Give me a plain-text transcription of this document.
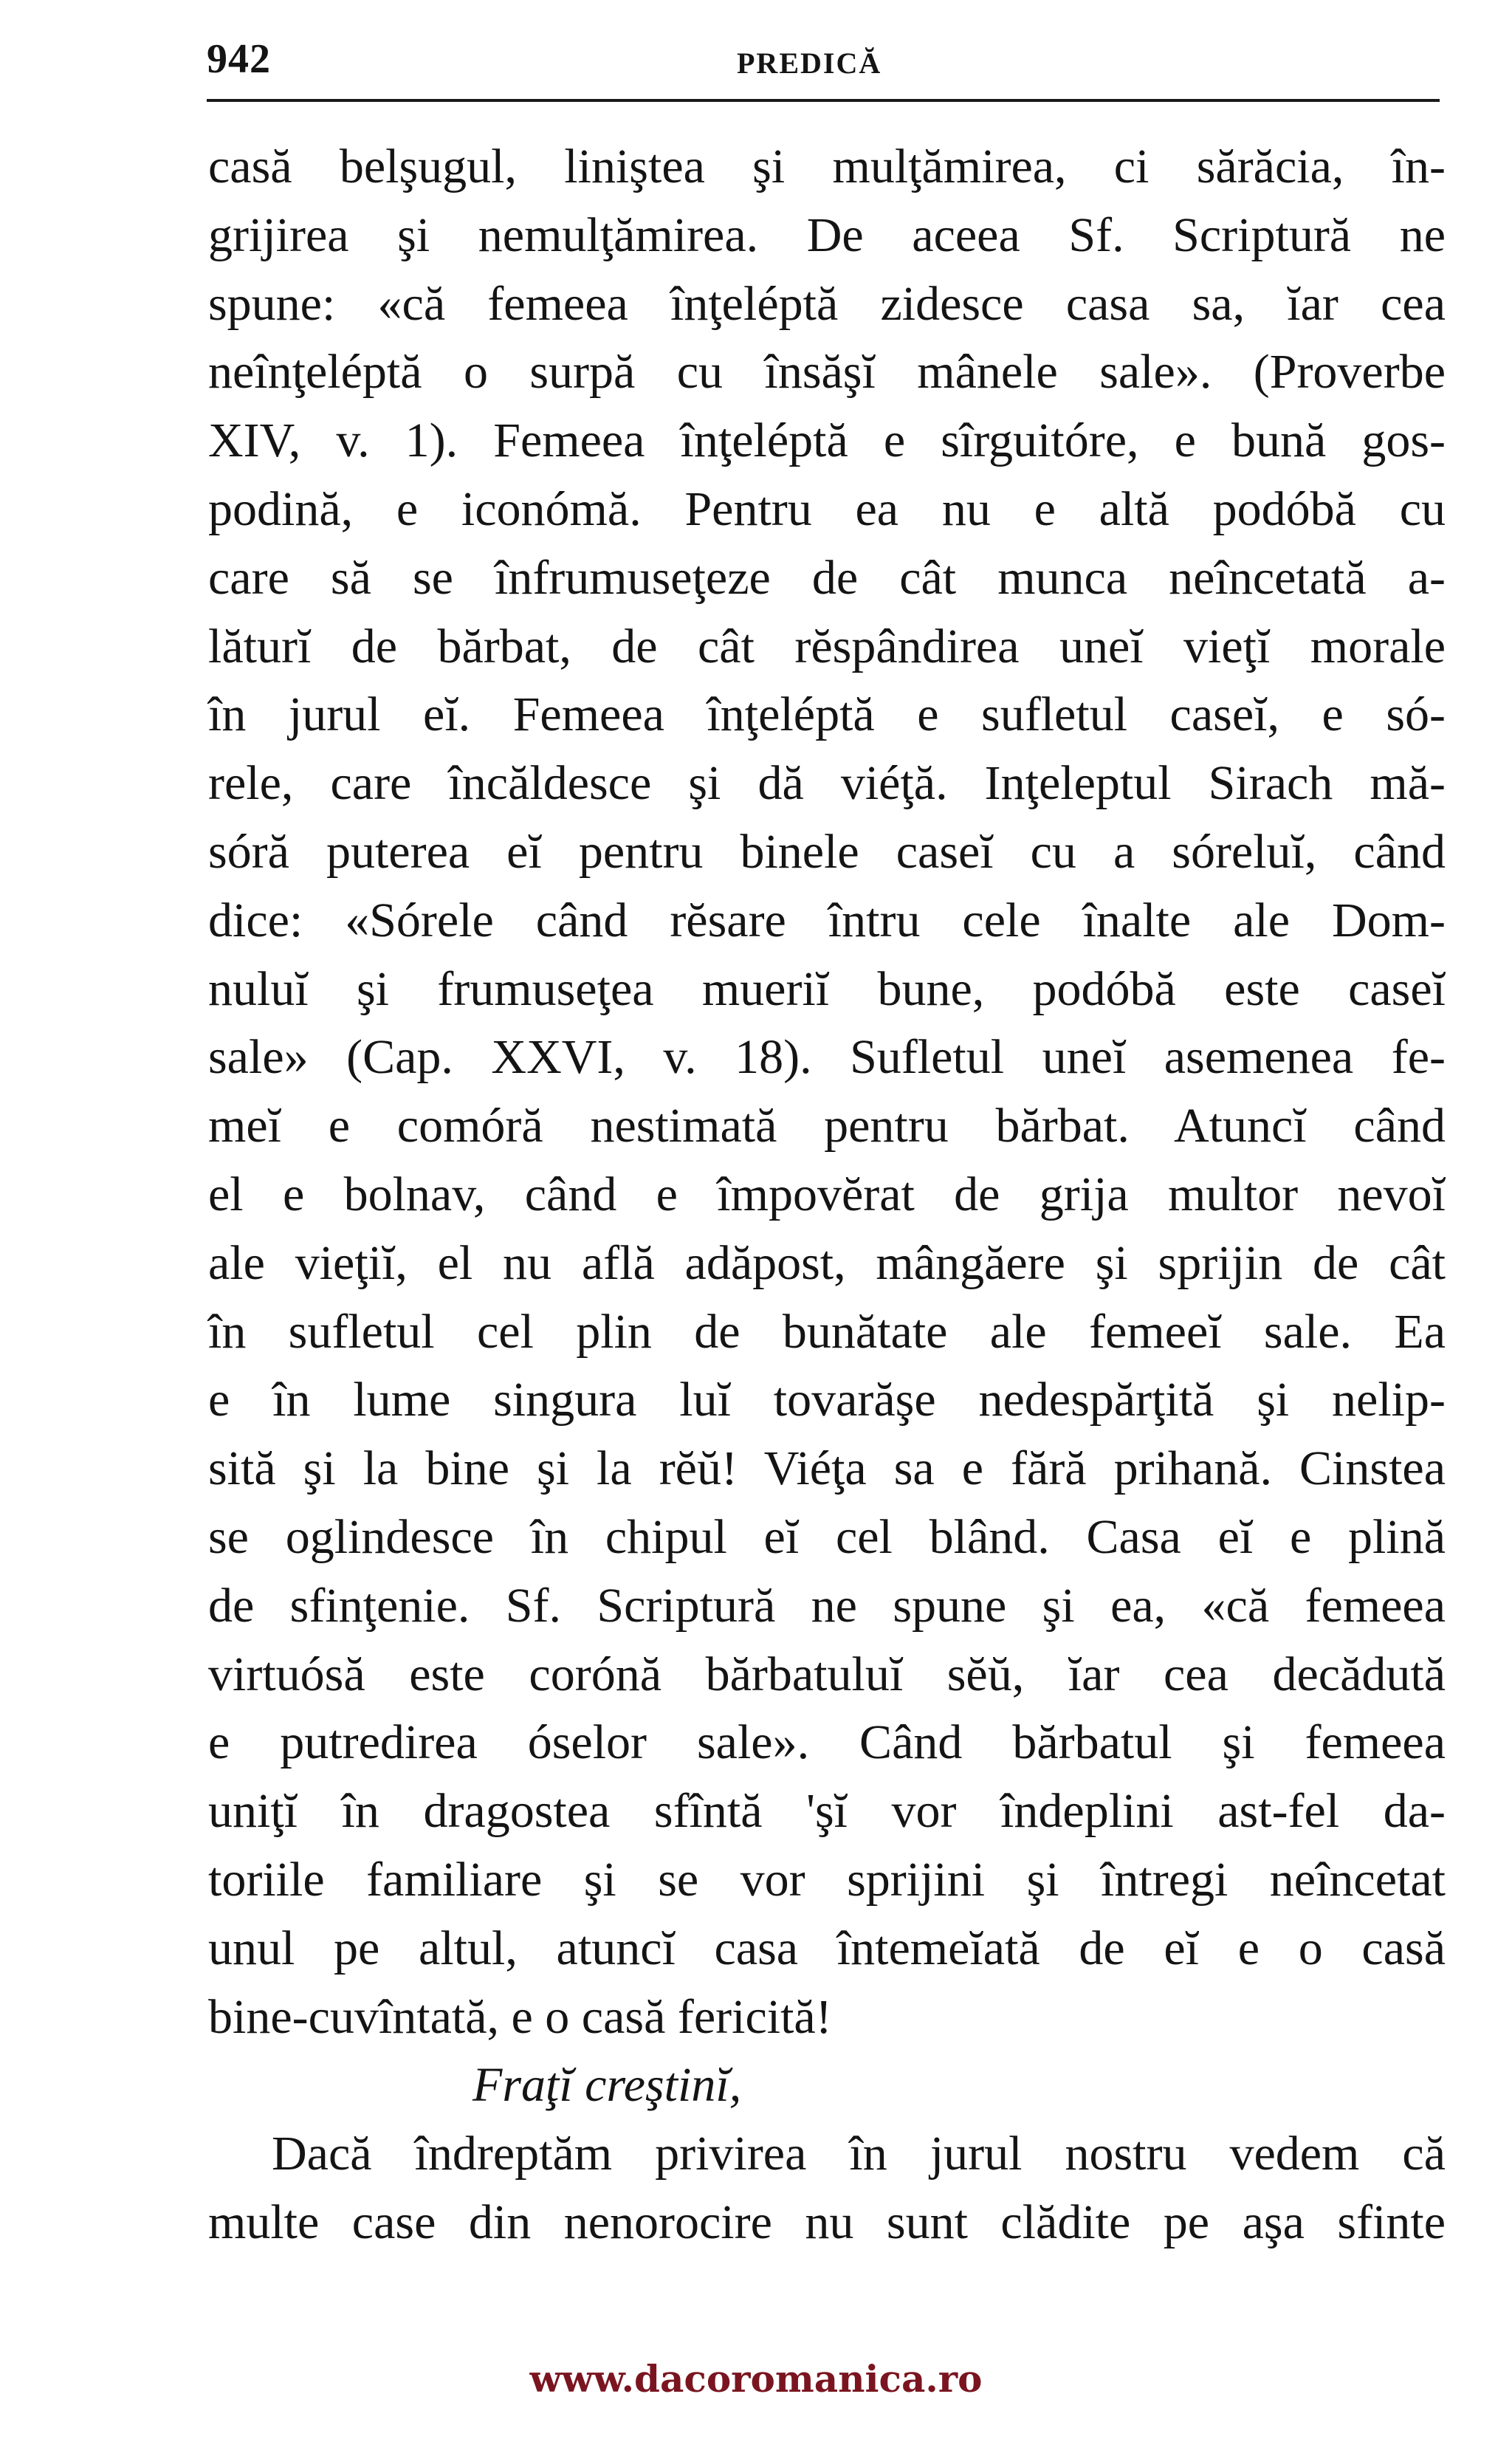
942	PREDICĂ
casă belşugul, liniştea şi mulţămirea, ci sărăcia, în-
grijirea şi nemulţămirea. De aceea Sf. Scriptură ne
spune: «că femeea înţeléptă zidesce casa sa, ĭar cea
neînţeléptă o surpă cu însăşĭ mânele sale». (Proverbe
XIV, v. 1). Femeea înţeléptă e sîrguitóre, e bună gos-
podină, e iconómă. Pentru ea nu e altă podóbă cu
care să se înfrumuseţeze de cât munca neîncetată a-
lăturĭ de bărbat, de cât rĕspândirea uneĭ vieţĭ morale
în jurul eĭ. Femeea înţeléptă e sufletul caseĭ, e só-
rele, care încăldesce şi dă viéţă. Inţeleptul Sirach mă-
sóră puterea eĭ pentru binele caseĭ cu a sóreluĭ, când
dice: «Sórele când rĕsare întru cele înalte ale Dom-
nuluĭ şi frumuseţea mueriĭ bune, podóbă este caseĭ
sale» (Cap. XXVI, v. 18). Sufletul uneĭ asemenea fe-
meĭ e comóră nestimată pentru bărbat. Atuncĭ când
el e bolnav, când e împovĕrat de grija multor nevoĭ
ale vieţiĭ, el nu află adăpost, mângăere şi sprijin de cât
în sufletul cel plin de bunătate ale femeeĭ sale. Ea
e în lume singura luĭ tovarăşe nedespărţită şi nelip-
sită şi la bine şi la rĕŭ! Viéţa sa e fără prihană. Cinstea
se oglindesce în chipul eĭ cel blând. Casa eĭ e plină
de sfinţenie. Sf. Scriptură ne spune şi ea, «că femeea
virtuósă este corónă bărbatuluĭ sĕŭ, ĭar cea decădută
e putredirea óselor sale». Când bărbatul şi femeea
uniţĭ în dragostea sfîntă 'şĭ vor îndeplini ast-fel da-
toriile familiare şi se vor sprijini şi întregi neîncetat
unul pe altul, atuncĭ casa întemeĭată de eĭ e o casă
bine-cuvîntată, e o casă fericită!
Fraţĭ creştinĭ,
Dacă îndreptăm privirea în jurul nostru vedem că
multe case din nenorocire nu sunt clădite pe aşa sfinte
www.dacoromanica.ro
